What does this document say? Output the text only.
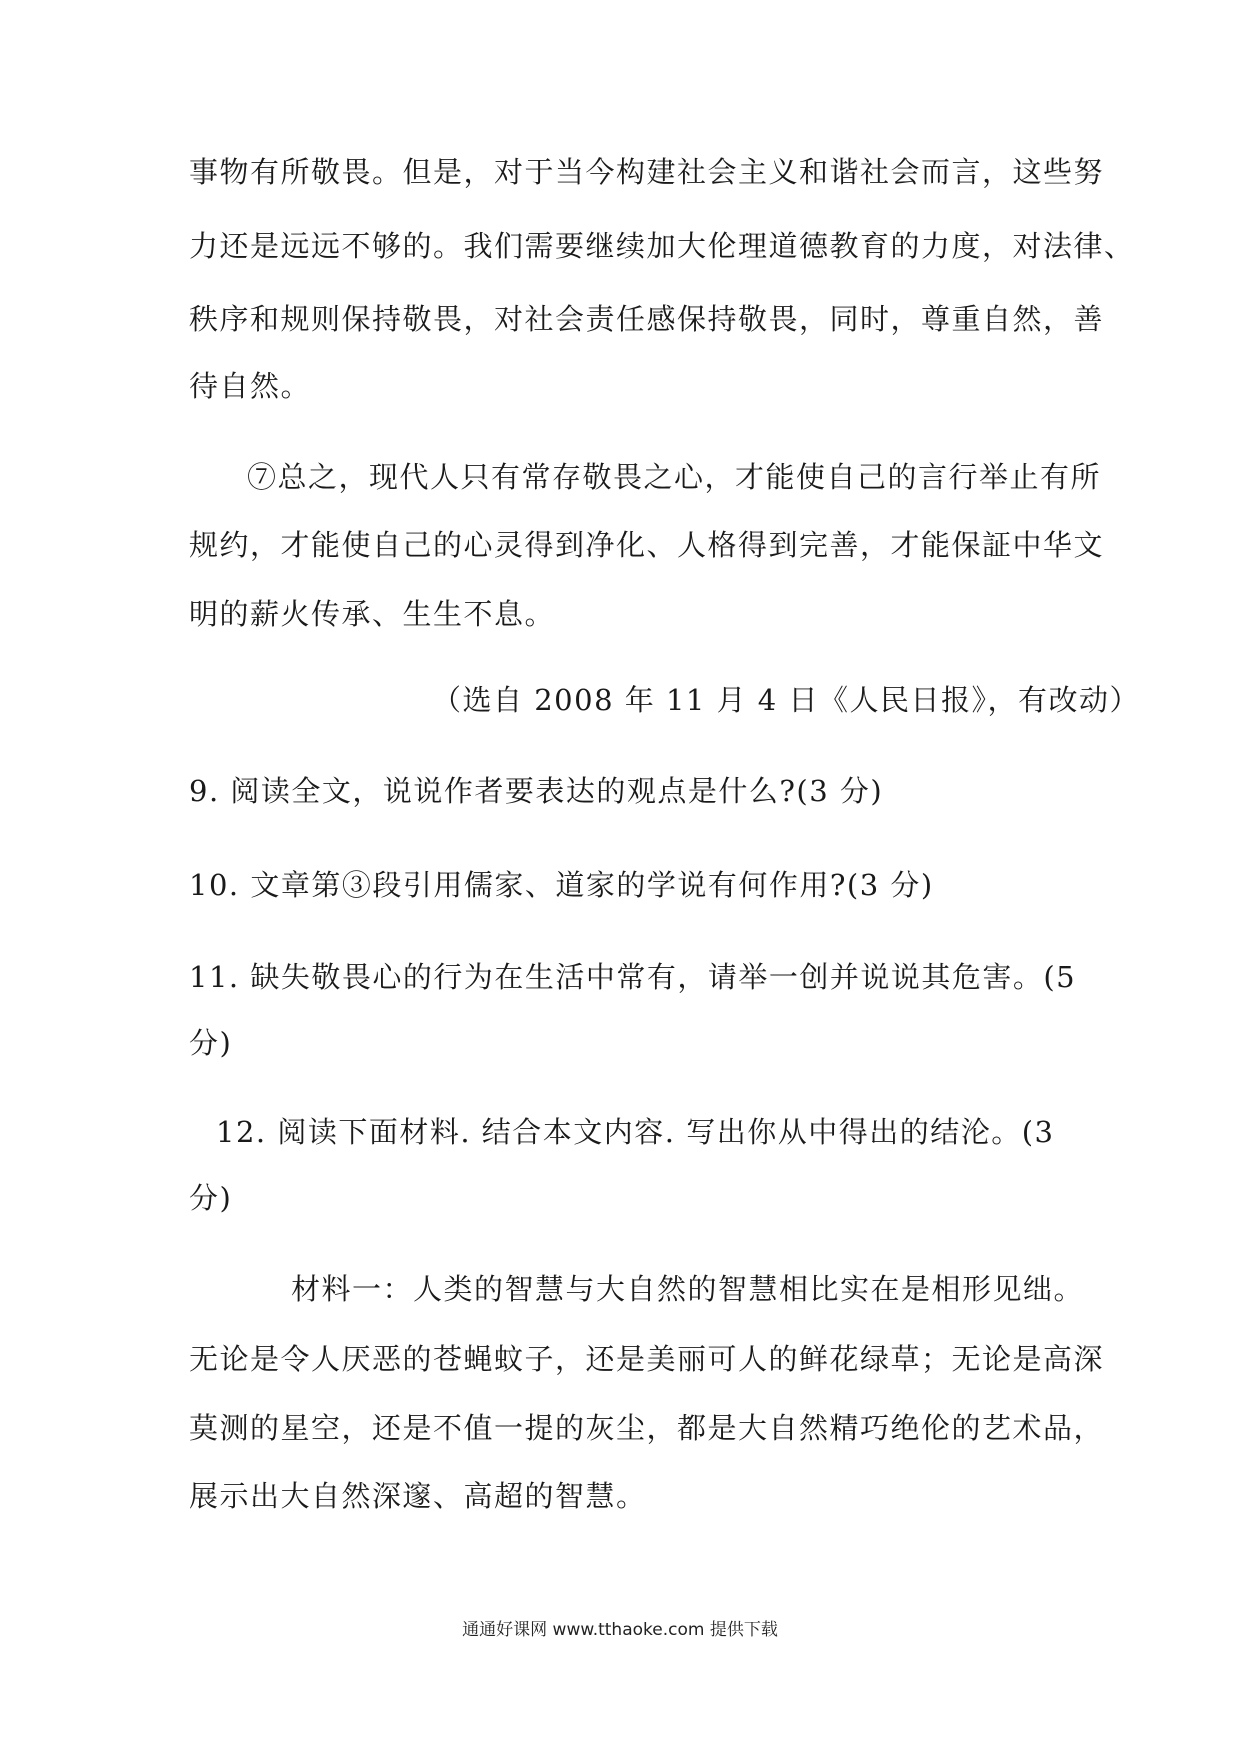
事物有所敬畏。但是，对于当今构建社会主义和谐社会而言，这些努
力还是远远不够的。我们需要继续加大伦理道德教育的力度，对法律、
秩序和规则保持敬畏，对社会责任感保持敬畏，同时，尊重自然，善
待自然。
⑦总之，现代人只有常存敬畏之心，才能使自己的言行举止有所
规约，才能使自己的心灵得到净化、人格得到完善，才能保証中华文
明的薪火传承、生生不息。
（选自 2008 年 11 月 4 日《人民日报》，有改动）
9. 阅读全文，说说作者要表达的观点是什么?(3 分)
10. 文章第③段引用儒家、道家的学说有何作用?(3 分)
11. 缺失敬畏心的行为在生活中常有，请举一创并说说其危害。(5
分)
12. 阅读下面材料. 结合本文内容. 写出你从中得出的结沦。(3
分)
材料一：人类的智慧与大自然的智慧相比实在是相形见绌。
无论是令人厌恶的苍蝇蚊子，还是美丽可人的鲜花绿草；无论是高深
莫测的星空，还是不值一提的灰尘，都是大自然精巧绝伦的艺术品，
展示出大自然深邃、高超的智慧。
通通好课网 www.tthaoke.com 提供下载
